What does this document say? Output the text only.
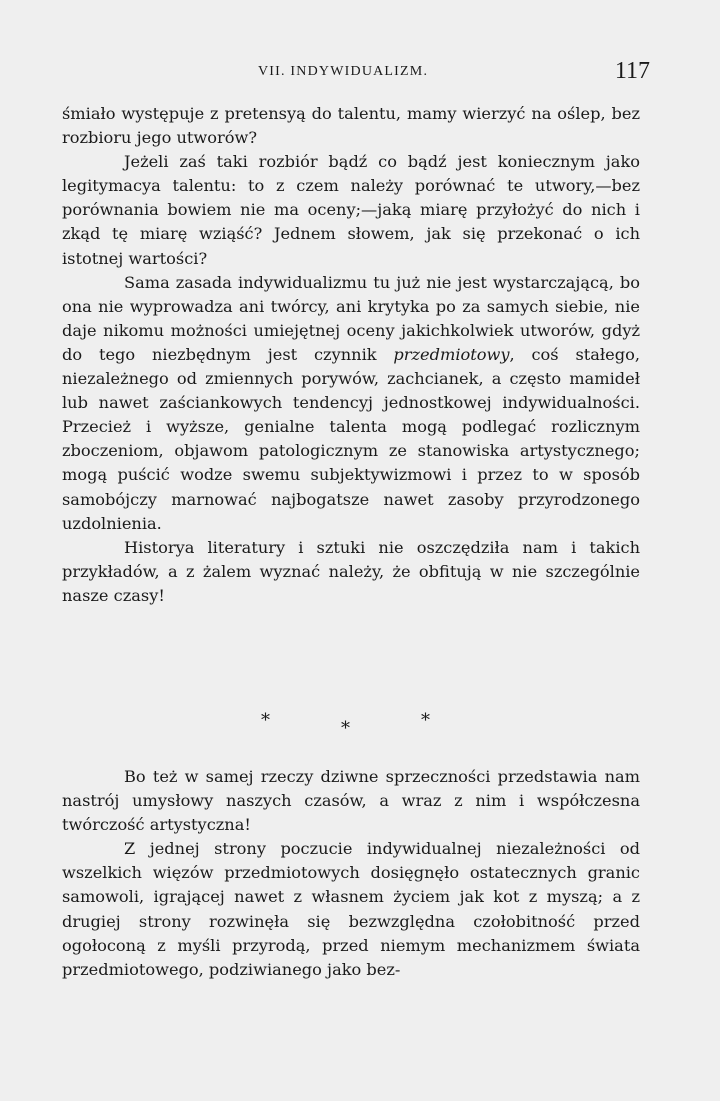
VII. INDYWIDUALIZM.	117

śmiało występuje z pretensyą do talentu, mamy wierzyć na oślep, bez rozbioru jego utworów?

Jeżeli zaś taki rozbiór bądź co bądź jest koniecznym jako legitymacya talentu: to z czem należy porównać te utwory,—bez porównania bowiem nie ma oceny;—jaką miarę przyłożyć do nich i zkąd tę miarę wziąść? Jednem słowem, jak się przekonać o ich istotnej wartości?

Sama zasada indywidualizmu tu już nie jest wystarczającą, bo ona nie wyprowadza ani twórcy, ani krytyka po za samych siebie, nie daje nikomu możności umiejętnej oceny jakichkolwiek utworów, gdyż do tego niezbędnym jest czynnik przedmiotowy, coś stałego, niezależnego od zmiennych porywów, zachcianek, a często mamideł lub nawet zaściankowych tendencyj jednostkowej indywidualności. Przecież i wyższe, genialne talenta mogą podlegać rozlicznym zboczeniom, objawom patologicznym ze stanowiska artystycznego; mogą puścić wodze swemu subjektywizmowi i przez to w sposób samobójczy marnować najbogatsze nawet zasoby przyrodzonego uzdolnienia.

Historya literatury i sztuki nie oszczędziła nam i takich przykładów, a z żalem wyznać należy, że obfitują w nie szczególnie nasze czasy!

*	*	*

Bo też w samej rzeczy dziwne sprzeczności przedstawia nam nastrój umysłowy naszych czasów, a wraz z nim i współczesna twórczość artystyczna!

Z jednej strony poczucie indywidualnej niezależności od wszelkich więzów przedmiotowych dosięgnęło ostatecznych granic samowoli, igrającej nawet z własnem życiem jak kot z myszą; a z drugiej strony rozwinęła się bezwzględna czołobitność przed ogołoconą z myśli przyrodą, przed niemym mechanizmem świata przedmiotowego, podziwianego jako bez-
